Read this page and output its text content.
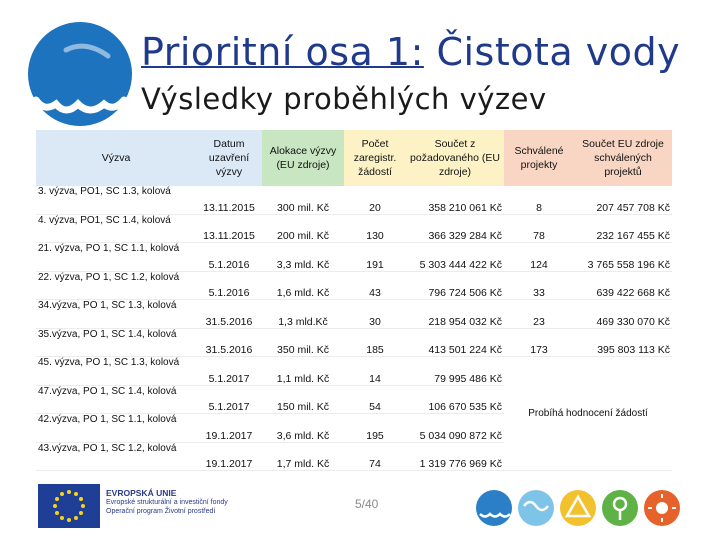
Prioritní osa 1: Čistota vody
Výsledky proběhlých výzev
Výzva	Datum uzavření výzvy	Alokace výzvy (EU zdroje)	Počet zaregistr. žádostí	Součet z požadovaného (EU zdroje)	Schválené projekty	Součet EU zdroje schválených projektů
3. výzva, PO1, SC 1.3, kolová	13.11.2015	300 mil. Kč	20	358 210 061 Kč	8	207 457 708 Kč
4. výzva, PO1, SC 1.4, kolová	13.11.2015	200 mil. Kč	130	366 329 284 Kč	78	232 167 455 Kč
21. výzva, PO 1, SC 1.1, kolová	5.1.2016	3,3 mld. Kč	191	5 303 444 422 Kč	124	3 765 558 196 Kč
22. výzva, PO 1, SC 1.2, kolová	5.1.2016	1,6 mld. Kč	43	796 724 506 Kč	33	639 422 668 Kč
34.výzva, PO 1, SC 1.3, kolová	31.5.2016	1,3 mld.Kč	30	218 954 032 Kč	23	469 330 070 Kč
35.výzva, PO 1, SC 1.4, kolová	31.5.2016	350 mil. Kč	185	413 501 224 Kč	173	395 803 113 Kč
45. výzva, PO 1, SC 1.3, kolová	5.1.2017	1,1 mld. Kč	14	79 995 486 Kč	Probíhá hodnocení žádostí	
47.výzva, PO 1, SC 1.4, kolová	5.1.2017	150 mil. Kč	54	106 670 535 Kč		
42.výzva, PO 1, SC 1.1, kolová	19.1.2017	3,6 mld. Kč	195	5 034 090 872 Kč		
43.výzva, PO 1, SC 1.2, kolová	19.1.2017	1,7 mld. Kč	74	1 319 776 969 Kč		
EVROPSKÁ UNIE
Evropské strukturální a investiční fondy
Operační program Životní prostředí
5/40
